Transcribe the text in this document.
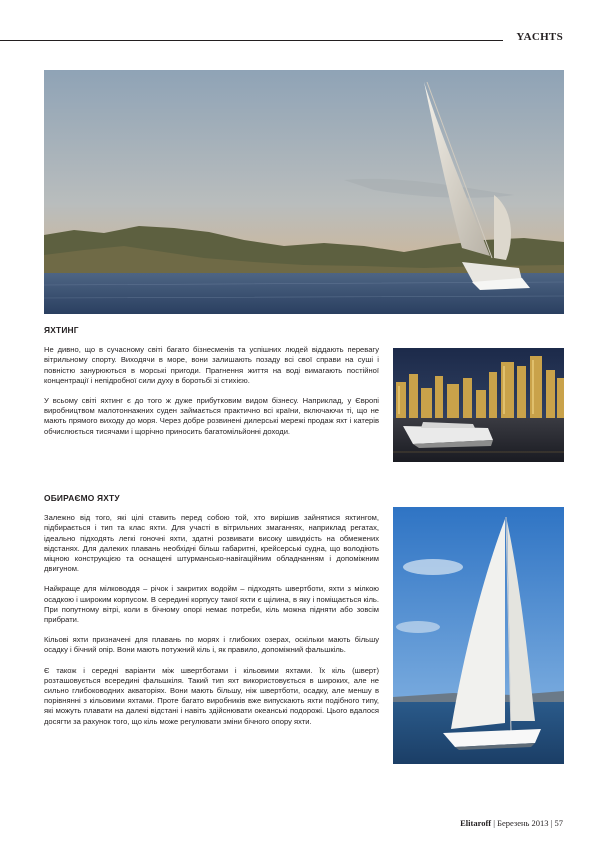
YACHTS
ЯХТИНГ

Не дивно, що в сучасному світі багато бізнесменів та успішних людей віддають перевагу вітрильному спорту. Виходячи в море, вони залишають позаду всі свої справи на суші і повністю занурюються в морські пригоди. Прагнення життя на воді вимагають постійної концентрації і непідробної сили духу в боротьбі зі стихією.

У всьому світі яхтинг є до того ж дуже прибутковим видом бізнесу. Наприклад, у Європі виробництвом малотоннажних суден займається практично всі країни, включаючи ті, що не мають прямого виходу до моря. Через добре розвинені дилерські мережі продаж яхт і катерів обчислюється тисячами і щорічно приносить багатомільйонні доходи.

ОБИРАЄМО ЯХТУ

Залежно від того, які цілі ставить перед собою той, хто вирішив зайнятися яхтингом, підбирається і тип та клас яхти. Для участі в вітрильних змаганнях, наприклад регатах, ідеально підходять легкі гоночні яхти, здатні розвивати високу швидкість на обмежених відстанях. Для далеких плавань необхідні більш габаритні, крейсерські судна, що володіють міцною конструкцією та оснащені штурмансько-навігаційним обладнанням і допоміжним двигуном.

Найкраще для мілководдя – річок і закритих водойм – підходять швертботи, яхти з мілкою осадкою і широким корпусом. В середині корпусу такої яхти є щілина, в яку і поміщається кіль. При попутному вітрі, коли в бічному опорі немає потреби, кіль можна підняти або зовсім прибрати.

Кільові яхти призначені для плавань по морях і глибоких озерах, оскільки мають більшу осадку і бічний опір. Вони мають потужний кіль і, як правило, допоміжний фальшкіль.

Є також і середні варіанти між швертботами і кільовими яхтами. Їх кіль (шверт) розташовується всередині фальшкіля. Такий тип яхт використовується в широких, але не сильно глибоководних акваторіях. Вони мають більшу, ніж швертботи, осадку, але меншу в порівнянні з кільовими яхтами. Проте багато виробників вже випускають яхти подібного типу, які можуть плавати на далекі відстані і навіть здійснювати океанські подорожі. Цього вдалося досягти за рахунок того, що кіль може регулювати зміни бічного опору яхти.

Elitaroff | Березень 2013 | 57
